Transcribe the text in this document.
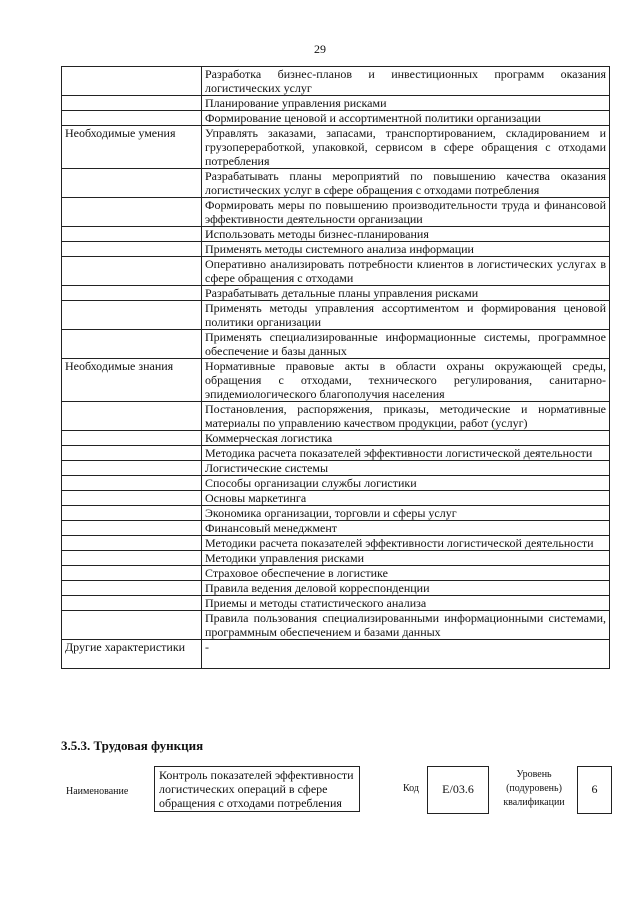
29
	Разработка бизнес-планов и инвестиционных программ оказания логистических услуг
	Планирование управления рисками
	Формирование ценовой и ассортиментной политики организации
Необходимые умения	Управлять заказами, запасами, транспортированием, складированием и грузопереработкой, упаковкой, сервисом в сфере обращения с отходами потребления
	Разрабатывать планы мероприятий по повышению качества оказания логистических услуг в сфере обращения с отходами потребления
	Формировать меры по повышению производительности труда и финансовой эффективности деятельности организации
	Использовать методы бизнес-планирования
	Применять методы системного анализа информации
	Оперативно анализировать потребности клиентов в логистических услугах в сфере обращения с отходами
	Разрабатывать детальные планы управления рисками
	Применять методы управления ассортиментом и формирования ценовой политики организации
	Применять специализированные информационные системы, программное обеспечение и базы данных
Необходимые знания	Нормативные правовые акты в области охраны окружающей среды, обращения с отходами, технического регулирования, санитарно-эпидемиологического благополучия населения
	Постановления, распоряжения, приказы, методические и нормативные материалы по управлению качеством продукции, работ (услуг)
	Коммерческая логистика
	Методика расчета показателей эффективности логистической деятельности
	Логистические системы
	Способы организации службы логистики
	Основы маркетинга
	Экономика организации, торговли и сферы услуг
	Финансовый менеджмент
	Методики расчета показателей эффективности логистической деятельности
	Методики управления рисками
	Страховое обеспечение в логистике
	Правила ведения деловой корреспонденции
	Приемы и методы статистического анализа
	Правила пользования специализированными информационными системами, программным обеспечением и базами данных
Другие характеристики	-
3.5.3. Трудовая функция
Наименование
Контроль показателей эффективности логистических операций в сфере обращения с отходами потребления
Код	E/03.6
Уровень (подуровень) квалификации
6
